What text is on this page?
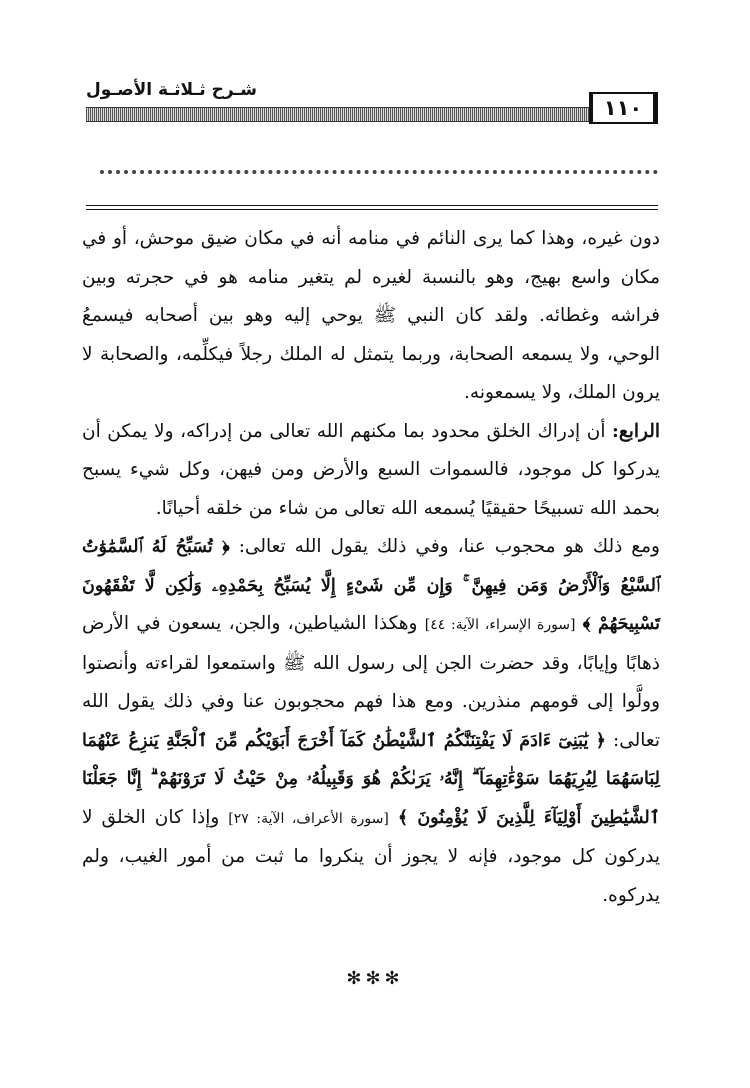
١١٠
شـرح ثـلاثـة الأصـول

دون غيره، وهذا كما يرى النائم في منامه أنه في مكان ضيق موحش، أو في مكان واسع بهيج، وهو بالنسبة لغيره لم يتغير منامه هو في حجرته وبين فراشه وغطائه. ولقد كان النبي ﷺ يوحي إليه وهو بين أصحابه فيسمعُ الوحي، ولا يسمعه الصحابة، وربما يتمثل له الملك رجلاً فيكلِّمه، والصحابة لا يرون الملك، ولا يسمعونه.

الرابع: أن إدراك الخلق محدود بما مكنهم الله تعالى من إدراكه، ولا يمكن أن يدركوا كل موجود، فالسموات السبع والأرض ومن فيهن، وكل شيء يسبح بحمد الله تسبيحًا حقيقيًا يُسمعه الله تعالى من شاء من خلقه أحيانًا.

ومع ذلك هو محجوب عنا، وفي ذلك يقول الله تعالى: ﴿ تُسَبِّحُ لَهُ ٱلسَّمَٰوَٰتُ ٱلسَّبْعُ وَٱلْأَرْضُ وَمَن فِيهِنَّ ۚ وَإِن مِّن شَىْءٍ إِلَّا يُسَبِّحُ بِحَمْدِهِۦ وَلَٰكِن لَّا تَفْقَهُونَ تَسْبِيحَهُمْ ﴾ [سورة الإسراء، الآية: ٤٤] وهكذا الشياطين، والجن، يسعون في الأرض ذهابًا وإيابًا، وقد حضرت الجن إلى رسول الله ﷺ واستمعوا لقراءته وأنصتوا وولَّوا إلى قومهم منذرين. ومع هذا فهم محجوبون عنا وفي ذلك يقول الله تعالى: ﴿ يَٰبَنِىٓ ءَادَمَ لَا يَفْتِنَنَّكُمُ ٱلشَّيْطَٰنُ كَمَآ أَخْرَجَ أَبَوَيْكُم مِّنَ ٱلْجَنَّةِ يَنزِعُ عَنْهُمَا لِبَاسَهُمَا لِيُرِيَهُمَا سَوْءَٰتِهِمَآ ۗ إِنَّهُۥ يَرَىٰكُمْ هُوَ وَقَبِيلُهُۥ مِنْ حَيْثُ لَا تَرَوْنَهُمْ ۗ إِنَّا جَعَلْنَا ٱلشَّيَٰطِينَ أَوْلِيَآءَ لِلَّذِينَ لَا يُؤْمِنُونَ ﴾ [سورة الأعراف، الآية: ٢٧] وإذا كان الخلق لا يدركون كل موجود، فإنه لا يجوز أن ينكروا ما ثبت من أمور الغيب، ولم يدركوه.

✻✻✻
